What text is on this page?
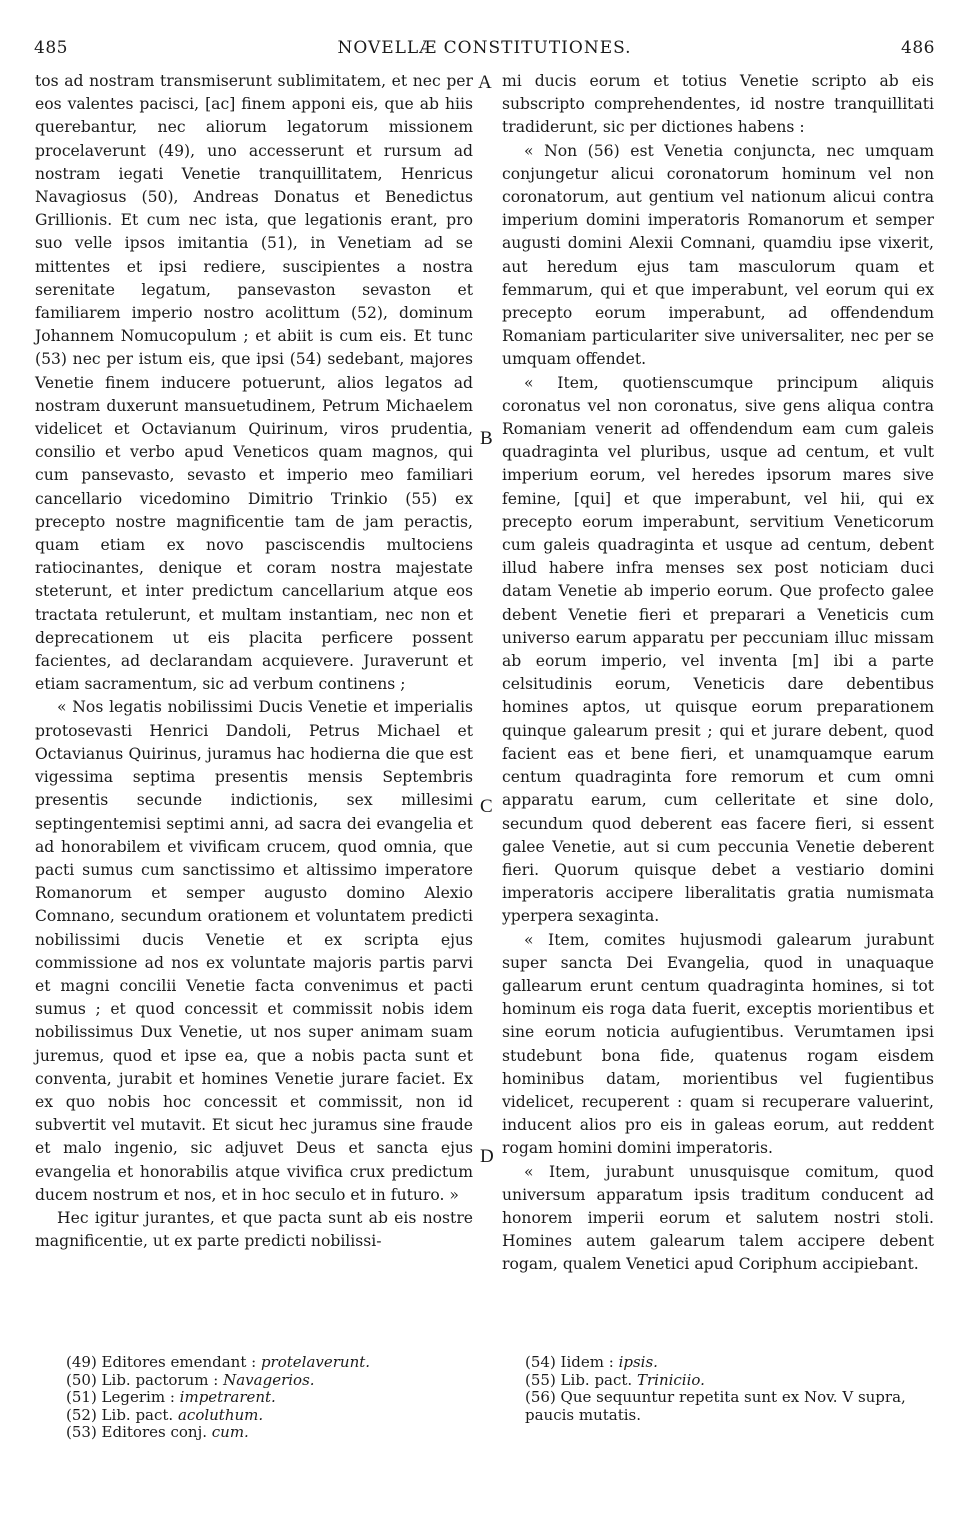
485	NOVELLÆ CONSTITUTIONES.	486

tos ad nostram transmiserunt sublimitatem, et nec per eos valentes pacisci, [ac] finem apponi eis, que ab hiis querebantur, nec aliorum legatorum missionem procelaverunt (49), uno accesserunt et rursum ad nostram iegati Venetie tranquillitatem, Henricus Navagiosus (50), Andreas Donatus et Benedictus Grillionis. Et cum nec ista, que legationis erant, pro suo velle ipsos imitantia (51), in Venetiam ad se mittentes et ipsi rediere, suscipientes a nostra serenitate legatum, pansevaston sevaston et familiarem imperio nostro acolittum (52), dominum Johannem Nomucopulum ; et abiit is cum eis. Et tunc (53) nec per istum eis, que ipsi (54) sedebant, majores Venetie finem inducere potuerunt, alios legatos ad nostram duxerunt mansuetudinem, Petrum Michaelem videlicet et Octavianum Quirinum, viros prudentia, consilio et verbo apud Veneticos quam magnos, qui cum pansevasto, sevasto et imperio meo familiari cancellario vicedomino Dimitrio Trinkio (55) ex precepto nostre magnificentie tam de jam peractis, quam etiam ex novo pasciscendis multociens ratiocinantes, denique et coram nostra majestate steterunt, et inter predictum cancellarium atque eos tractata retulerunt, et multam instantiam, nec non et deprecationem ut eis placita perficere possent facientes, ad declarandam acquievere. Juraverunt et etiam sacramentum, sic ad verbum continens ;

« Nos legatis nobilissimi Ducis Venetie et imperialis protosevasti Henrici Dandoli, Petrus Michael et Octavianus Quirinus, juramus hac hodierna die que est vigessima septima presentis mensis Septembris presentis secunde indictionis, sex millesimi septingentemisi septimi anni, ad sacra dei evangelia et ad honorabilem et vivificam crucem, quod omnia, que pacti sumus cum sanctissimo et altissimo imperatore Romanorum et semper augusto domino Alexio Comnano, secundum orationem et voluntatem predicti nobilissimi ducis Venetie et ex scripta ejus commissione ad nos ex voluntate majoris partis parvi et magni concilii Venetie facta convenimus et pacti sumus ; et quod concessit et commissit nobis idem nobilissimus Dux Venetie, ut nos super animam suam juremus, quod et ipse ea, que a nobis pacta sunt et conventa, jurabit et homines Venetie jurare faciet. Ex ex quo nobis hoc concessit et commissit, non id subvertit vel mutavit. Et sicut hec juramus sine fraude et malo ingenio, sic adjuvet Deus et sancta ejus evangelia et honorabilis atque vivifica crux predictum ducem nostrum et nos, et in hoc seculo et in futuro. »

Hec igitur jurantes, et que pacta sunt ab eis nostre magnificentie, ut ex parte predicti nobilissi-

A
B
C
D

mi ducis eorum et totius Venetie scripto ab eis subscripto comprehendentes, id nostre tranquillitati tradiderunt, sic per dictiones habens :

« Non (56) est Venetia conjuncta, nec umquam conjungetur alicui coronatorum hominum vel non coronatorum, aut gentium vel nationum alicui contra imperium domini imperatoris Romanorum et semper augusti domini Alexii Comnani, quamdiu ipse vixerit, aut heredum ejus tam masculorum quam et femmarum, qui et que imperabunt, vel eorum qui ex precepto eorum imperabunt, ad offendendum Romaniam particulariter sive universaliter, nec per se umquam offendet.

« Item, quotienscumque principum aliquis coronatus vel non coronatus, sive gens aliqua contra Romaniam venerit ad offendendum eam cum galeis quadraginta vel pluribus, usque ad centum, et vult imperium eorum, vel heredes ipsorum mares sive femine, [qui] et que imperabunt, vel hii, qui ex precepto eorum imperabunt, servitium Veneticorum cum galeis quadraginta et usque ad centum, debent illud habere infra menses sex post noticiam duci datam Venetie ab imperio eorum. Que profecto galee debent Venetie fieri et preparari a Veneticis cum universo earum apparatu per peccuniam illuc missam ab eorum imperio, vel inventa [m] ibi a parte celsitudinis eorum, Veneticis dare debentibus homines aptos, ut quisque eorum preparationem quinque galearum presit ; qui et jurare debent, quod facient eas et bene fieri, et unamquamque earum centum quadraginta fore remorum et cum omni apparatu earum, cum celleritate et sine dolo, secundum quod deberent eas facere fieri, si essent galee Venetie, aut si cum peccunia Venetie deberent fieri. Quorum quisque debet a vestiario domini imperatoris accipere liberalitatis gratia numismata yperpera sexaginta.

« Item, comites hujusmodi galearum jurabunt super sancta Dei Evangelia, quod in unaquaque gallearum erunt centum quadraginta homines, si tot hominum eis roga data fuerit, exceptis morientibus et sine eorum noticia aufugientibus. Verumtamen ipsi studebunt bona fide, quatenus rogam eisdem hominibus datam, morientibus vel fugientibus videlicet, recuperent : quam si recuperare valuerint, inducent alios pro eis in galeas eorum, aut reddent rogam homini domini imperatoris.

« Item, jurabunt unusquisque comitum, quod universum apparatum ipsis traditum conducent ad honorem imperii eorum et salutem nostri stoli. Homines autem galearum talem accipere debent rogam, qualem Venetici apud Coriphum accipiebant.

(49) Editores emendant : protelaverunt.
(50) Lib. pactorum : Navagerios.
(51) Legerim : impetrarent.
(52) Lib. pact. acoluthum.
(53) Editores conj. cum.
(54) Iidem : ipsis.
(55) Lib. pact. Triniciio.
(56) Que sequuntur repetita sunt ex Nov. V supra, paucis mutatis.
